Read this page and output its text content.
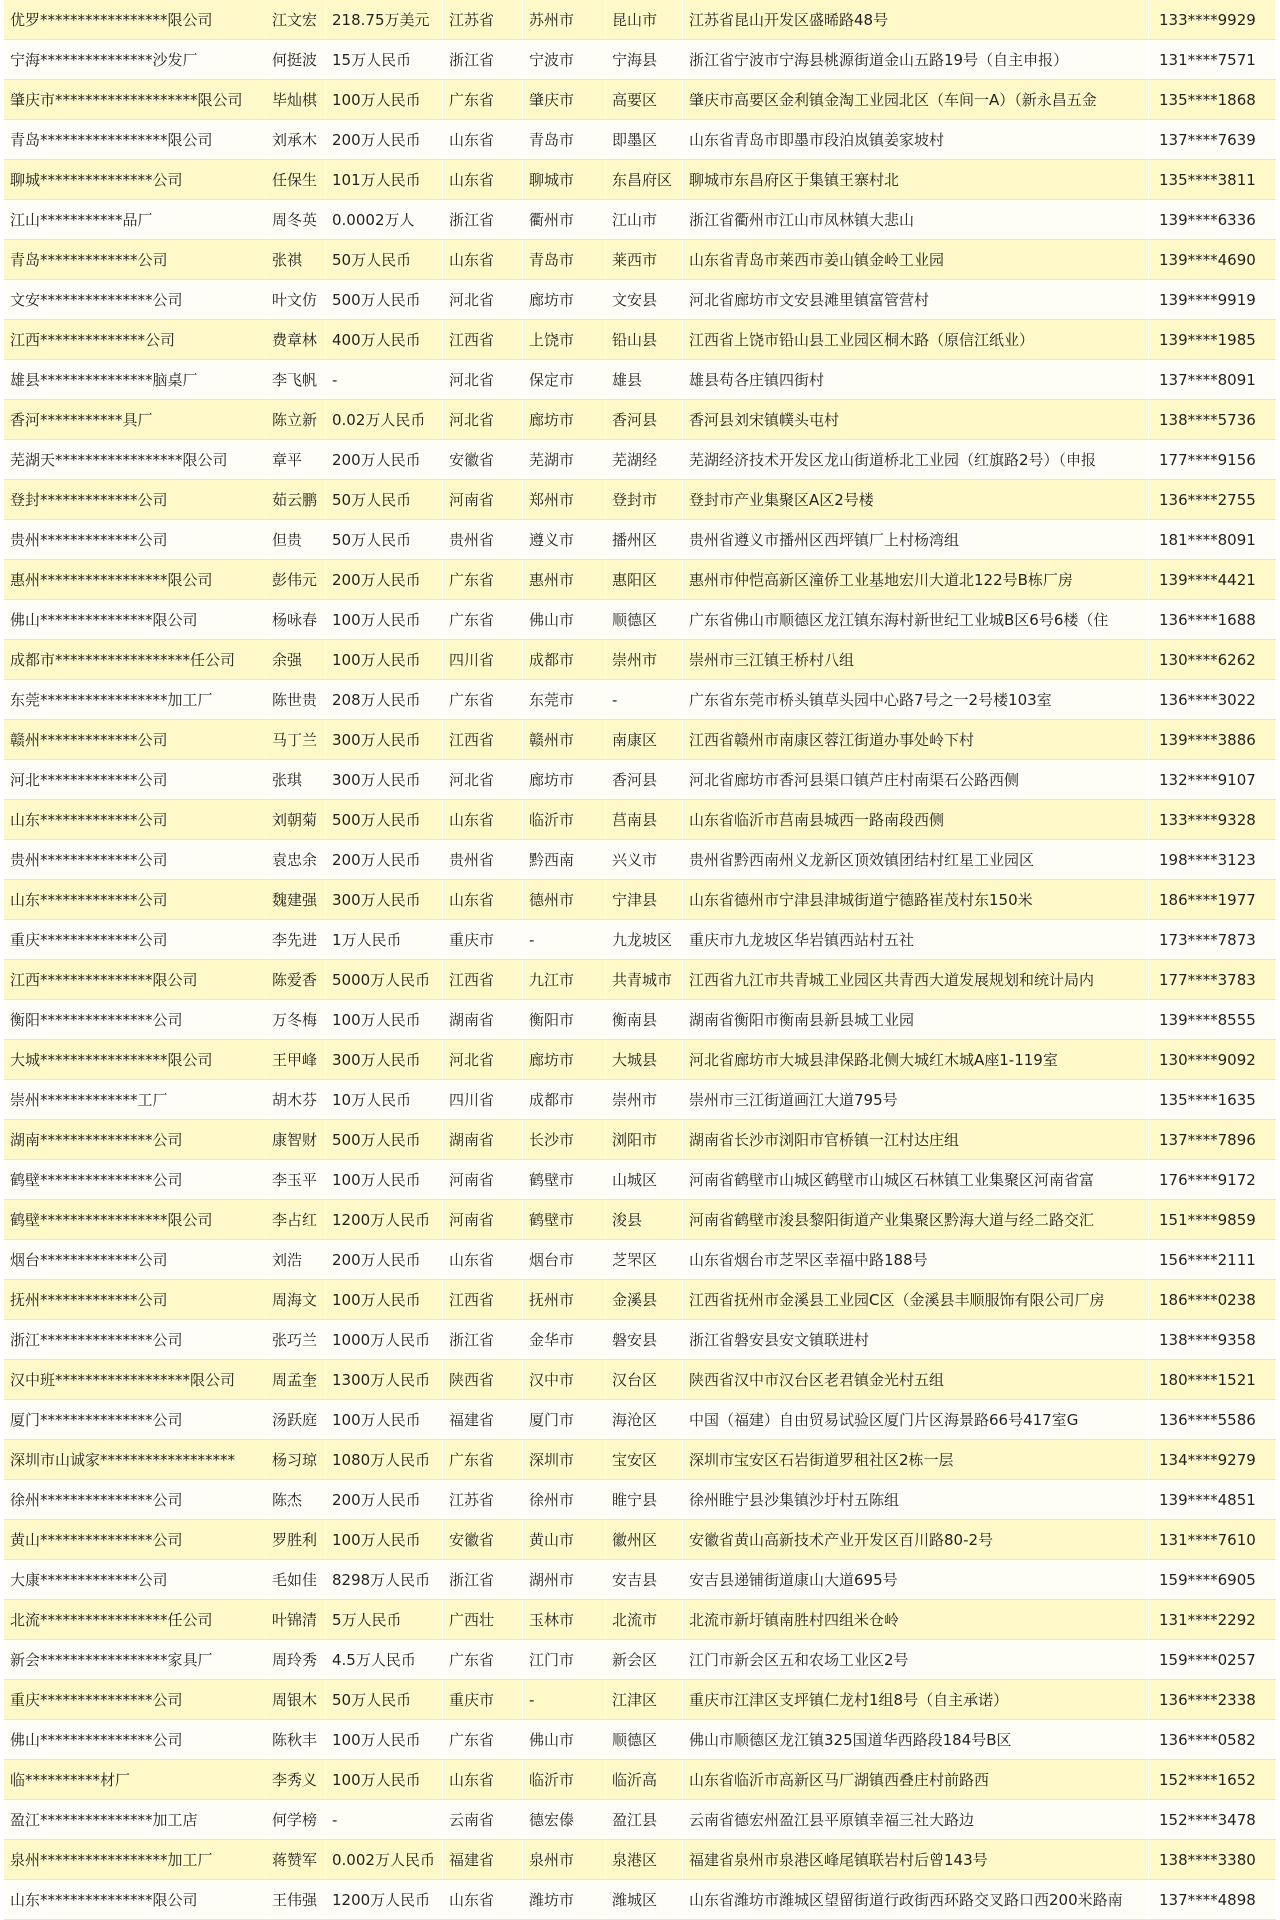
优罗*****************限公司	江文宏 218.75万美元	江苏省	苏州市	昆山市	江苏省昆山开发区盛晞路48号	133****9929
宁海***************沙发厂	何挺波 15万人民币	浙江省	宁波市	宁海县	浙江省宁波市宁海县桃源街道金山五路19号（自主申报）	131****7571
肇庆市*******************限公司	毕灿棋 100万人民币	广东省	肇庆市	高要区	肇庆市高要区金利镇金淘工业园北区（车间一A）（新永昌五金	135****1868
青岛*****************限公司	刘承木 200万人民币	山东省	青岛市	即墨区	山东省青岛市即墨市段泊岚镇姜家坡村	137****7639
聊城***************公司	任保生 101万人民币	山东省	聊城市	东昌府区	聊城市东昌府区于集镇王寨村北	135****3811
江山***********品厂	周冬英 0.0002万人	浙江省	衢州市	江山市	浙江省衢州市江山市凤林镇大悲山	139****6336
青岛*************公司	张祺	50万人民币	山东省	青岛市	莱西市	山东省青岛市莱西市姜山镇金岭工业园	139****4690
文安***************公司	叶文仿 500万人民币	河北省	廊坊市	文安县	河北省廊坊市文安县滩里镇富管营村	139****9919
江西**************公司	费章林 400万人民币	江西省	上饶市	铅山县	江西省上饶市铅山县工业园区桐木路（原信江纸业）	139****1985
雄县***************脑桌厂	李飞帆 -	河北省	保定市	雄县	雄县苟各庄镇四街村	137****8091
香河***********具厂	陈立新 0.02万人民币	河北省	廊坊市	香河县	香河县刘宋镇幞头屯村	138****5736
芜湖天*****************限公司	章平	200万人民币	安徽省	芜湖市	芜湖经	芜湖经济技术开发区龙山街道桥北工业园（红旗路2号）（申报	177****9156
登封*************公司	茹云鹏 50万人民币	河南省	郑州市	登封市	登封市产业集聚区A区2号楼	136****2755
贵州*************公司	但贵	50万人民币	贵州省	遵义市	播州区	贵州省遵义市播州区西坪镇厂上村杨湾组	181****8091
惠州*****************限公司	彭伟元 200万人民币	广东省	惠州市	惠阳区	惠州市仲恺高新区潼侨工业基地宏川大道北122号B栋厂房	139****4421
佛山***************限公司	杨咏春 100万人民币	广东省	佛山市	顺德区	广东省佛山市顺德区龙江镇东海村新世纪工业城B区6号6楼（住	136****1688
成都市******************任公司	余强	100万人民币	四川省	成都市	崇州市	崇州市三江镇王桥村八组	130****6262
东莞*****************加工厂	陈世贵 208万人民币	广东省	东莞市	-	广东省东莞市桥头镇草头园中心路7号之一2号楼103室	136****3022
赣州*************公司	马丁兰 300万人民币	江西省	赣州市	南康区	江西省赣州市南康区蓉江街道办事处岭下村	139****3886
河北*************公司	张琪	300万人民币	河北省	廊坊市	香河县	河北省廊坊市香河县渠口镇芦庄村南渠石公路西侧	132****9107
山东*************公司	刘朝菊 500万人民币	山东省	临沂市	莒南县	山东省临沂市莒南县城西一路南段西侧	133****9328
贵州*************公司	袁忠余 200万人民币	贵州省	黔西南	兴义市	贵州省黔西南州义龙新区顶效镇团结村红星工业园区	198****3123
山东*************公司	魏建强 300万人民币	山东省	德州市	宁津县	山东省德州市宁津县津城街道宁德路崔茂村东150米	186****1977
重庆*************公司	李先进 1万人民币	重庆市	-	九龙坡区	重庆市九龙坡区华岩镇西站村五社	173****7873
江西***************限公司	陈爱香 5000万人民币	江西省	九江市	共青城市	江西省九江市共青城工业园区共青西大道发展规划和统计局内	177****3783
衡阳***************公司	万冬梅 100万人民币	湖南省	衡阳市	衡南县	湖南省衡阳市衡南县新县城工业园	139****8555
大城*****************限公司	王甲峰 300万人民币	河北省	廊坊市	大城县	河北省廊坊市大城县津保路北侧大城红木城A座1-119室	130****9092
崇州*************工厂	胡木芬 10万人民币	四川省	成都市	崇州市	崇州市三江街道画江大道795号	135****1635
湖南***************公司	康智财 500万人民币	湖南省	长沙市	浏阳市	湖南省长沙市浏阳市官桥镇一江村达庄组	137****7896
鹤壁***************公司	李玉平 100万人民币	河南省	鹤壁市	山城区	河南省鹤壁市山城区鹤壁市山城区石林镇工业集聚区河南省富	176****9172
鹤壁*****************限公司	李占红 1200万人民币	河南省	鹤壁市	浚县	河南省鹤壁市浚县黎阳街道产业集聚区黔海大道与经二路交汇	151****9859
烟台*************公司	刘浩	200万人民币	山东省	烟台市	芝罘区	山东省烟台市芝罘区幸福中路188号	156****2111
抚州*************公司	周海文 100万人民币	江西省	抚州市	金溪县	江西省抚州市金溪县工业园C区（金溪县丰顺服饰有限公司厂房	186****0238
浙江***************公司	张巧兰 1000万人民币	浙江省	金华市	磐安县	浙江省磐安县安文镇联进村	138****9358
汉中班******************限公司	周孟奎 1300万人民币	陕西省	汉中市	汉台区	陕西省汉中市汉台区老君镇金光村五组	180****1521
厦门***************公司	汤跃庭 100万人民币	福建省	厦门市	海沧区	中国（福建）自由贸易试验区厦门片区海景路66号417室G	136****5586
深圳市山诚家******************	杨习琼 1080万人民币	广东省	深圳市	宝安区	深圳市宝安区石岩街道罗租社区2栋一层	134****9279
徐州***************公司	陈杰	200万人民币	江苏省	徐州市	睢宁县	徐州睢宁县沙集镇沙圩村五陈组	139****4851
黄山***************公司	罗胜利 100万人民币	安徽省	黄山市	徽州区	安徽省黄山高新技术产业开发区百川路80-2号	131****7610
大康*************公司	毛如佳 8298万人民币	浙江省	湖州市	安吉县	安吉县递铺街道康山大道695号	159****6905
北流*****************任公司	叶锦清 5万人民币	广西壮	玉林市	北流市	北流市新圩镇南胜村四组米仓岭	131****2292
新会*****************家具厂	周玲秀 4.5万人民币	广东省	江门市	新会区	江门市新会区五和农场工业区2号	159****0257
重庆***************公司	周银木 50万人民币	重庆市	-	江津区	重庆市江津区支坪镇仁龙村1组8号（自主承诺）	136****2338
佛山***************公司	陈秋丰 100万人民币	广东省	佛山市	顺德区	佛山市顺德区龙江镇325国道华西路段184号B区	136****0582
临**********材厂	李秀义 100万人民币	山东省	临沂市	临沂高	山东省临沂市高新区马厂湖镇西叠庄村前路西	152****1652
盈江***************加工店	何学榜 -	云南省	德宏傣	盈江县	云南省德宏州盈江县平原镇幸福三社大路边	152****3478
泉州*****************加工厂	蒋赞军 0.002万人民币 福建省	泉州市	泉港区	福建省泉州市泉港区峰尾镇联岩村后曾143号	138****3380
山东***************限公司	王伟强 1200万人民币	山东省	潍坊市	潍城区	山东省潍坊市潍城区望留街道行政街西环路交叉路口西200米路南	137****4898
